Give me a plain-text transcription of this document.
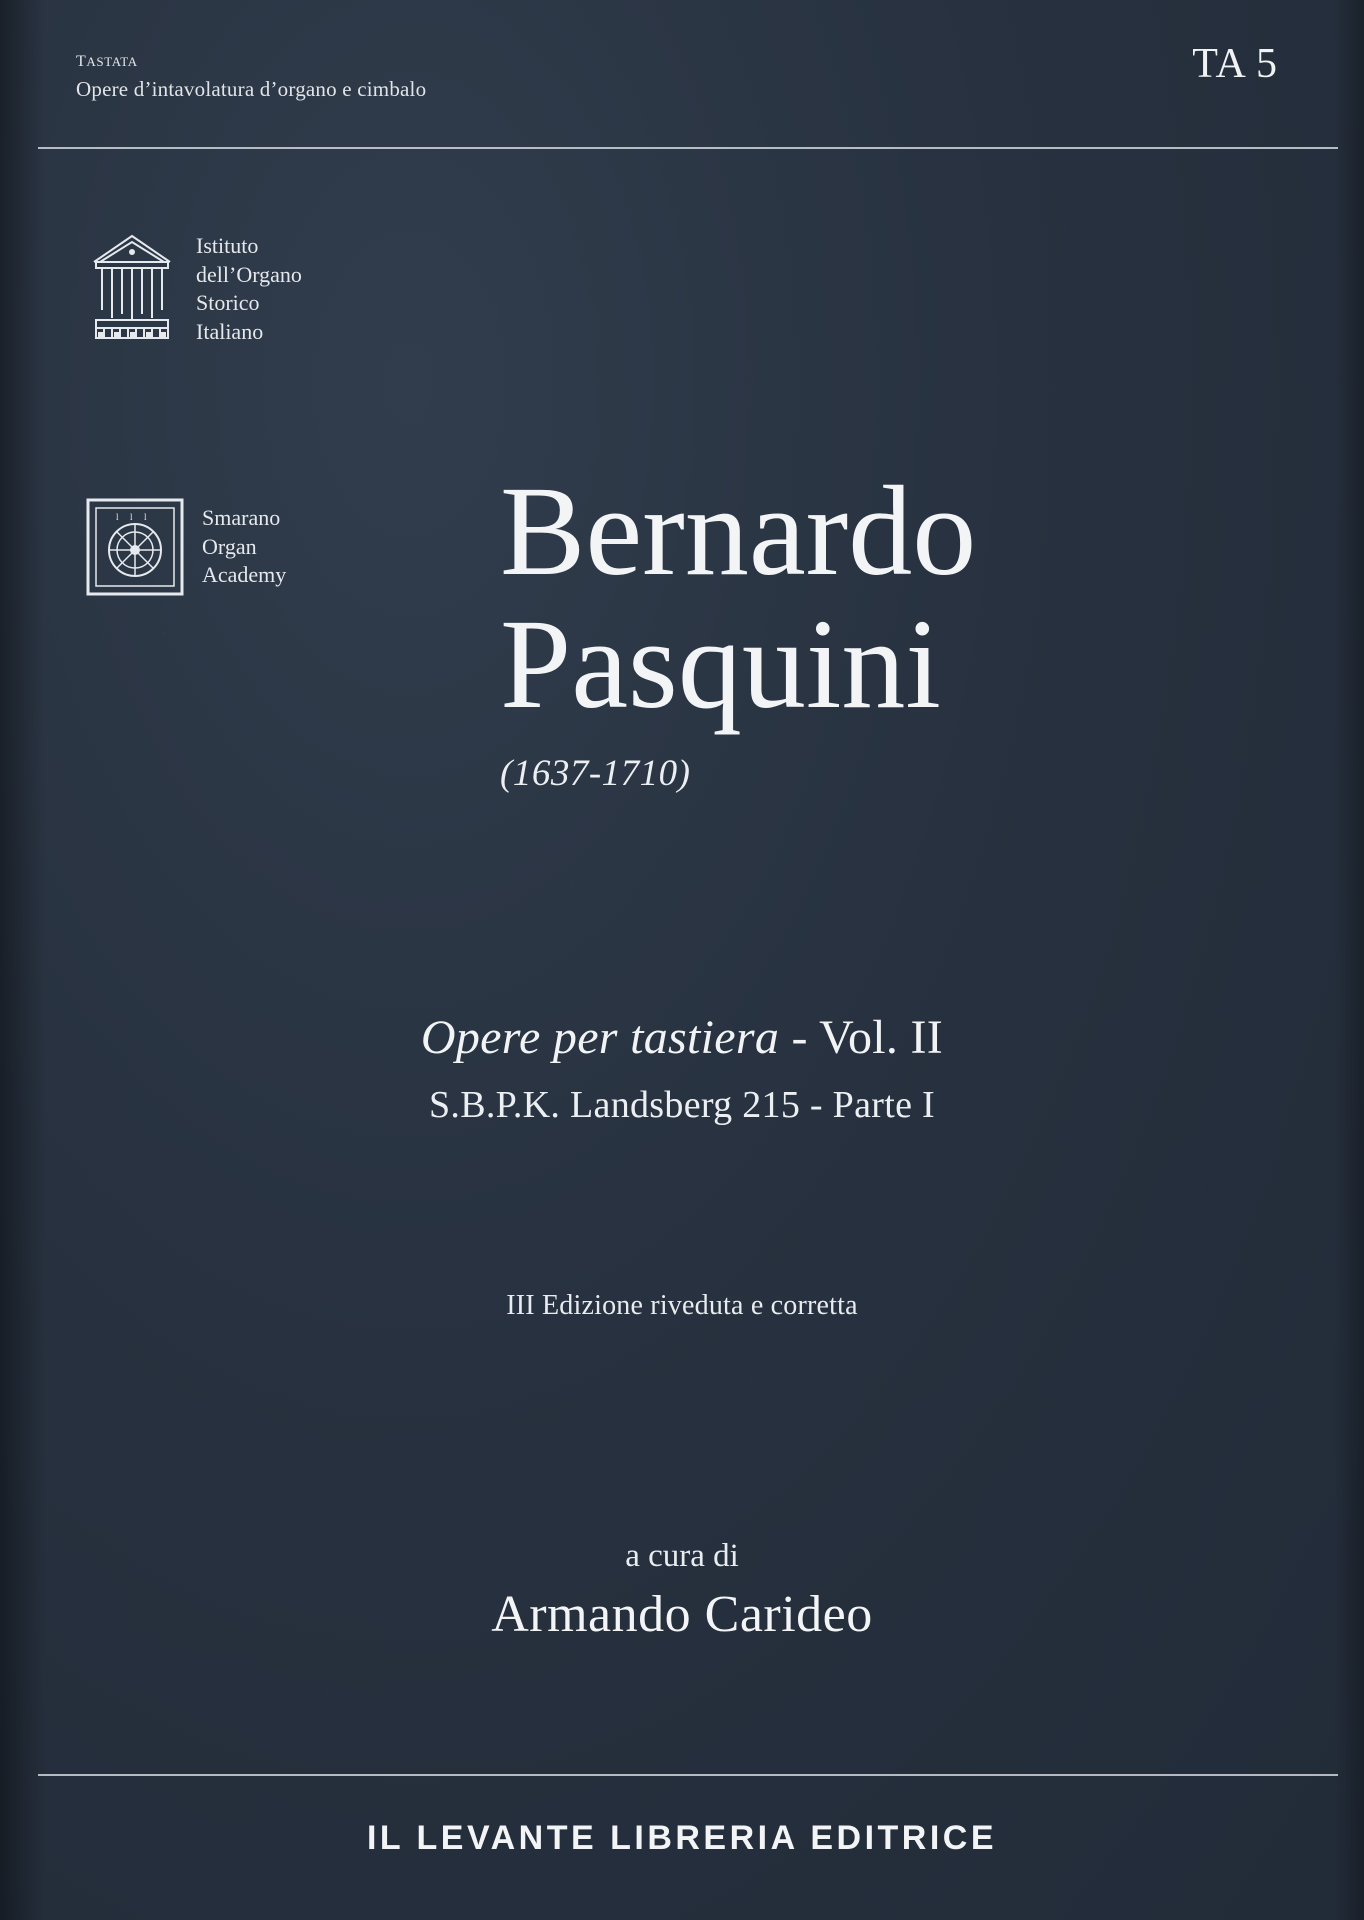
tastata
Opere d’intavolatura d’organo e cimbalo
TA 5
Istituto
dell’Organo
Storico
Italiano
l l l	Smarano
Organ
Academy Bernardo
Pasquini
(1637-1710)
Opere per tastiera - Vol. II
S.B.P.K. Landsberg 215 - Parte I
III Edizione riveduta e corretta
a cura di
Armando Carideo
IL LEVANTE LIBRERIA EDITRICE
